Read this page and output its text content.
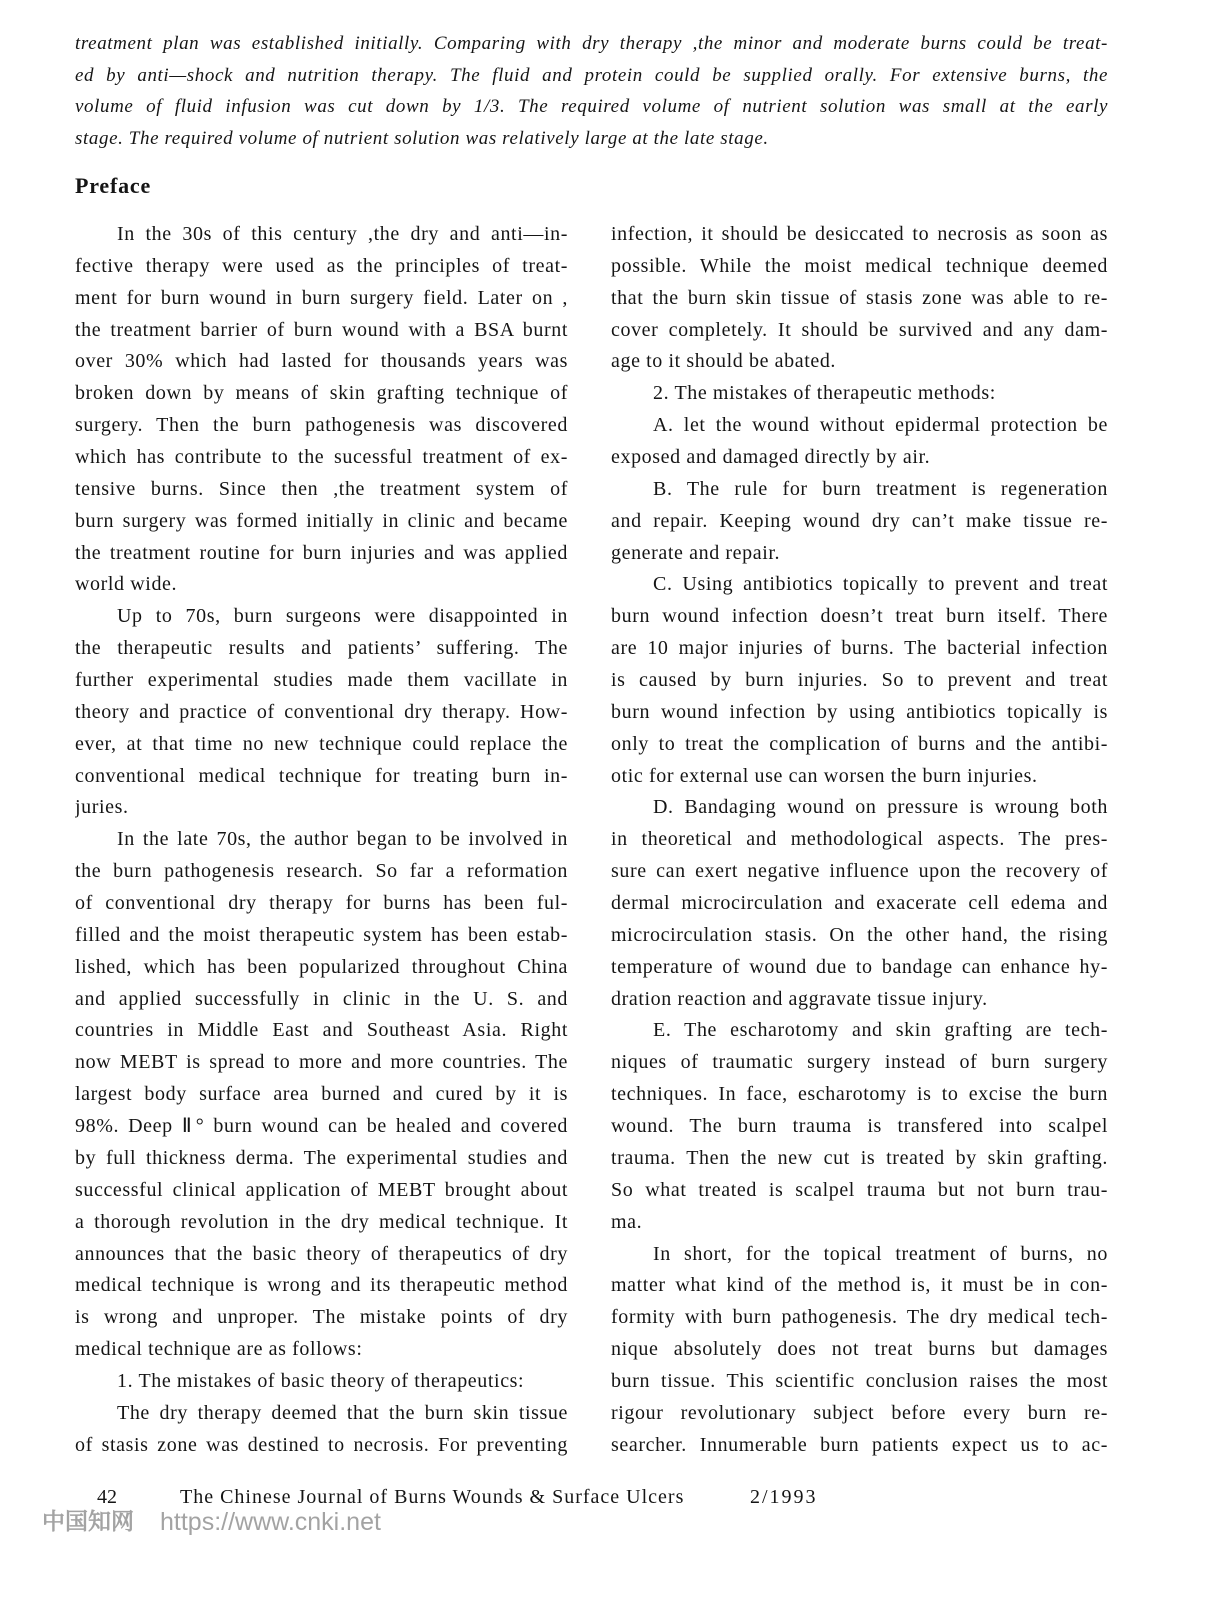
treatment plan was established initially. Comparing with dry therapy ,the minor and moderate burns could be treat-
ed by anti—shock and nutrition therapy. The fluid and protein could be supplied orally. For extensive burns, the
volume of fluid infusion was cut down by 1/3. The required volume of nutrient solution was small at the early
stage. The required volume of nutrient solution was relatively large at the late stage.
Preface
In the 30s of this century ,the dry and anti—in-
fective therapy were used as the principles of treat-
ment for burn wound in burn surgery field. Later on ,
the treatment barrier of burn wound with a BSA burnt
over 30% which had lasted for thousands years was
broken down by means of skin grafting technique of
surgery. Then the burn pathogenesis was discovered
which has contribute to the sucessful treatment of ex-
tensive burns. Since then ,the treatment system of
burn surgery was formed initially in clinic and became
the treatment routine for burn injuries and was applied
world wide.
Up to 70s, burn surgeons were disappointed in
the therapeutic results and patients’ suffering. The
further experimental studies made them vacillate in
theory and practice of conventional dry therapy. How-
ever, at that time no new technique could replace the
conventional medical technique for treating burn in-
juries.
In the late 70s, the author began to be involved in
the burn pathogenesis research. So far a reformation
of conventional dry therapy for burns has been ful-
filled and the moist therapeutic system has been estab-
lished, which has been popularized throughout China
and applied successfully in clinic in the U. S. and
countries in Middle East and Southeast Asia. Right
now MEBT is spread to more and more countries. The
largest body surface area burned and cured by it is
98%. Deep Ⅱ° burn wound can be healed and covered
by full thickness derma. The experimental studies and
successful clinical application of MEBT brought about
a thorough revolution in the dry medical technique. It
announces that the basic theory of therapeutics of dry
medical technique is wrong and its therapeutic method
is wrong and unproper. The mistake points of dry
medical technique are as follows:
1. The mistakes of basic theory of therapeutics:
The dry therapy deemed that the burn skin tissue
of stasis zone was destined to necrosis. For preventing
infection, it should be desiccated to necrosis as soon as
possible. While the moist medical technique deemed
that the burn skin tissue of stasis zone was able to re-
cover completely. It should be survived and any dam-
age to it should be abated.
2. The mistakes of therapeutic methods:
A. let the wound without epidermal protection be
exposed and damaged directly by air.
B. The rule for burn treatment is regeneration
and repair. Keeping wound dry can’t make tissue re-
generate and repair.
C. Using antibiotics topically to prevent and treat
burn wound infection doesn’t treat burn itself. There
are 10 major injuries of burns. The bacterial infection
is caused by burn injuries. So to prevent and treat
burn wound infection by using antibiotics topically is
only to treat the complication of burns and the antibi-
otic for external use can worsen the burn injuries.
D. Bandaging wound on pressure is wroung both
in theoretical and methodological aspects. The pres-
sure can exert negative influence upon the recovery of
dermal microcirculation and exacerate cell edema and
microcirculation stasis. On the other hand, the rising
temperature of wound due to bandage can enhance hy-
dration reaction and aggravate tissue injury.
E. The escharotomy and skin grafting are tech-
niques of traumatic surgery instead of burn surgery
techniques. In face, escharotomy is to excise the burn
wound. The burn trauma is transfered into scalpel
trauma. Then the new cut is treated by skin grafting.
So what treated is scalpel trauma but not burn trau-
ma.
In short, for the topical treatment of burns, no
matter what kind of the method is, it must be in con-
formity with burn pathogenesis. The dry medical tech-
nique absolutely does not treat burns but damages
burn tissue. This scientific conclusion raises the most
rigour revolutionary subject before every burn re-
searcher. Innumerable burn patients expect us to ac-
42	The Chinese Journal of Burns Wounds & Surface Ulcers	2/1993
中国知网 https://www.cnki.net
